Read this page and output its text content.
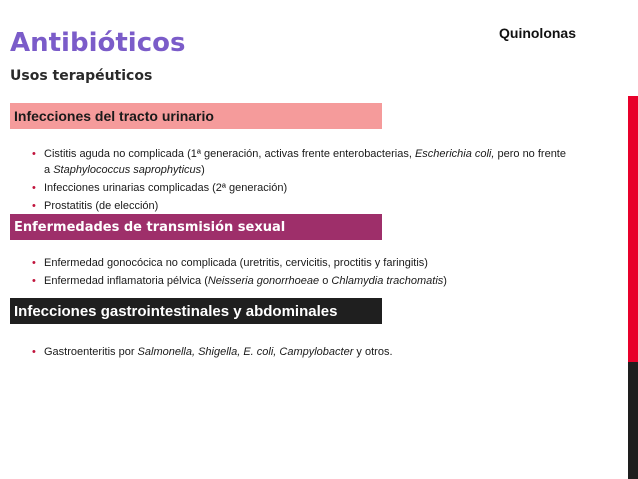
Antibióticos
Usos terapéuticos
Quinolonas
Infecciones del tracto urinario
• Cistitis aguda no complicada (1ª generación, activas frente enterobacterias, Escherichia coli, pero no frente a Staphylococcus saprophyticus)
• Infecciones urinarias complicadas (2ª generación)
• Prostatitis (de elección)
Enfermedades de transmisión sexual
• Enfermedad gonocócica no complicada (uretritis, cervicitis, proctitis y faringitis)
• Enfermedad inflamatoria pélvica (Neisseria gonorrhoeae o Chlamydia trachomatis)
Infecciones gastrointestinales y abdominales
• Gastroenteritis por Salmonella, Shigella, E. coli, Campylobacter y otros.
